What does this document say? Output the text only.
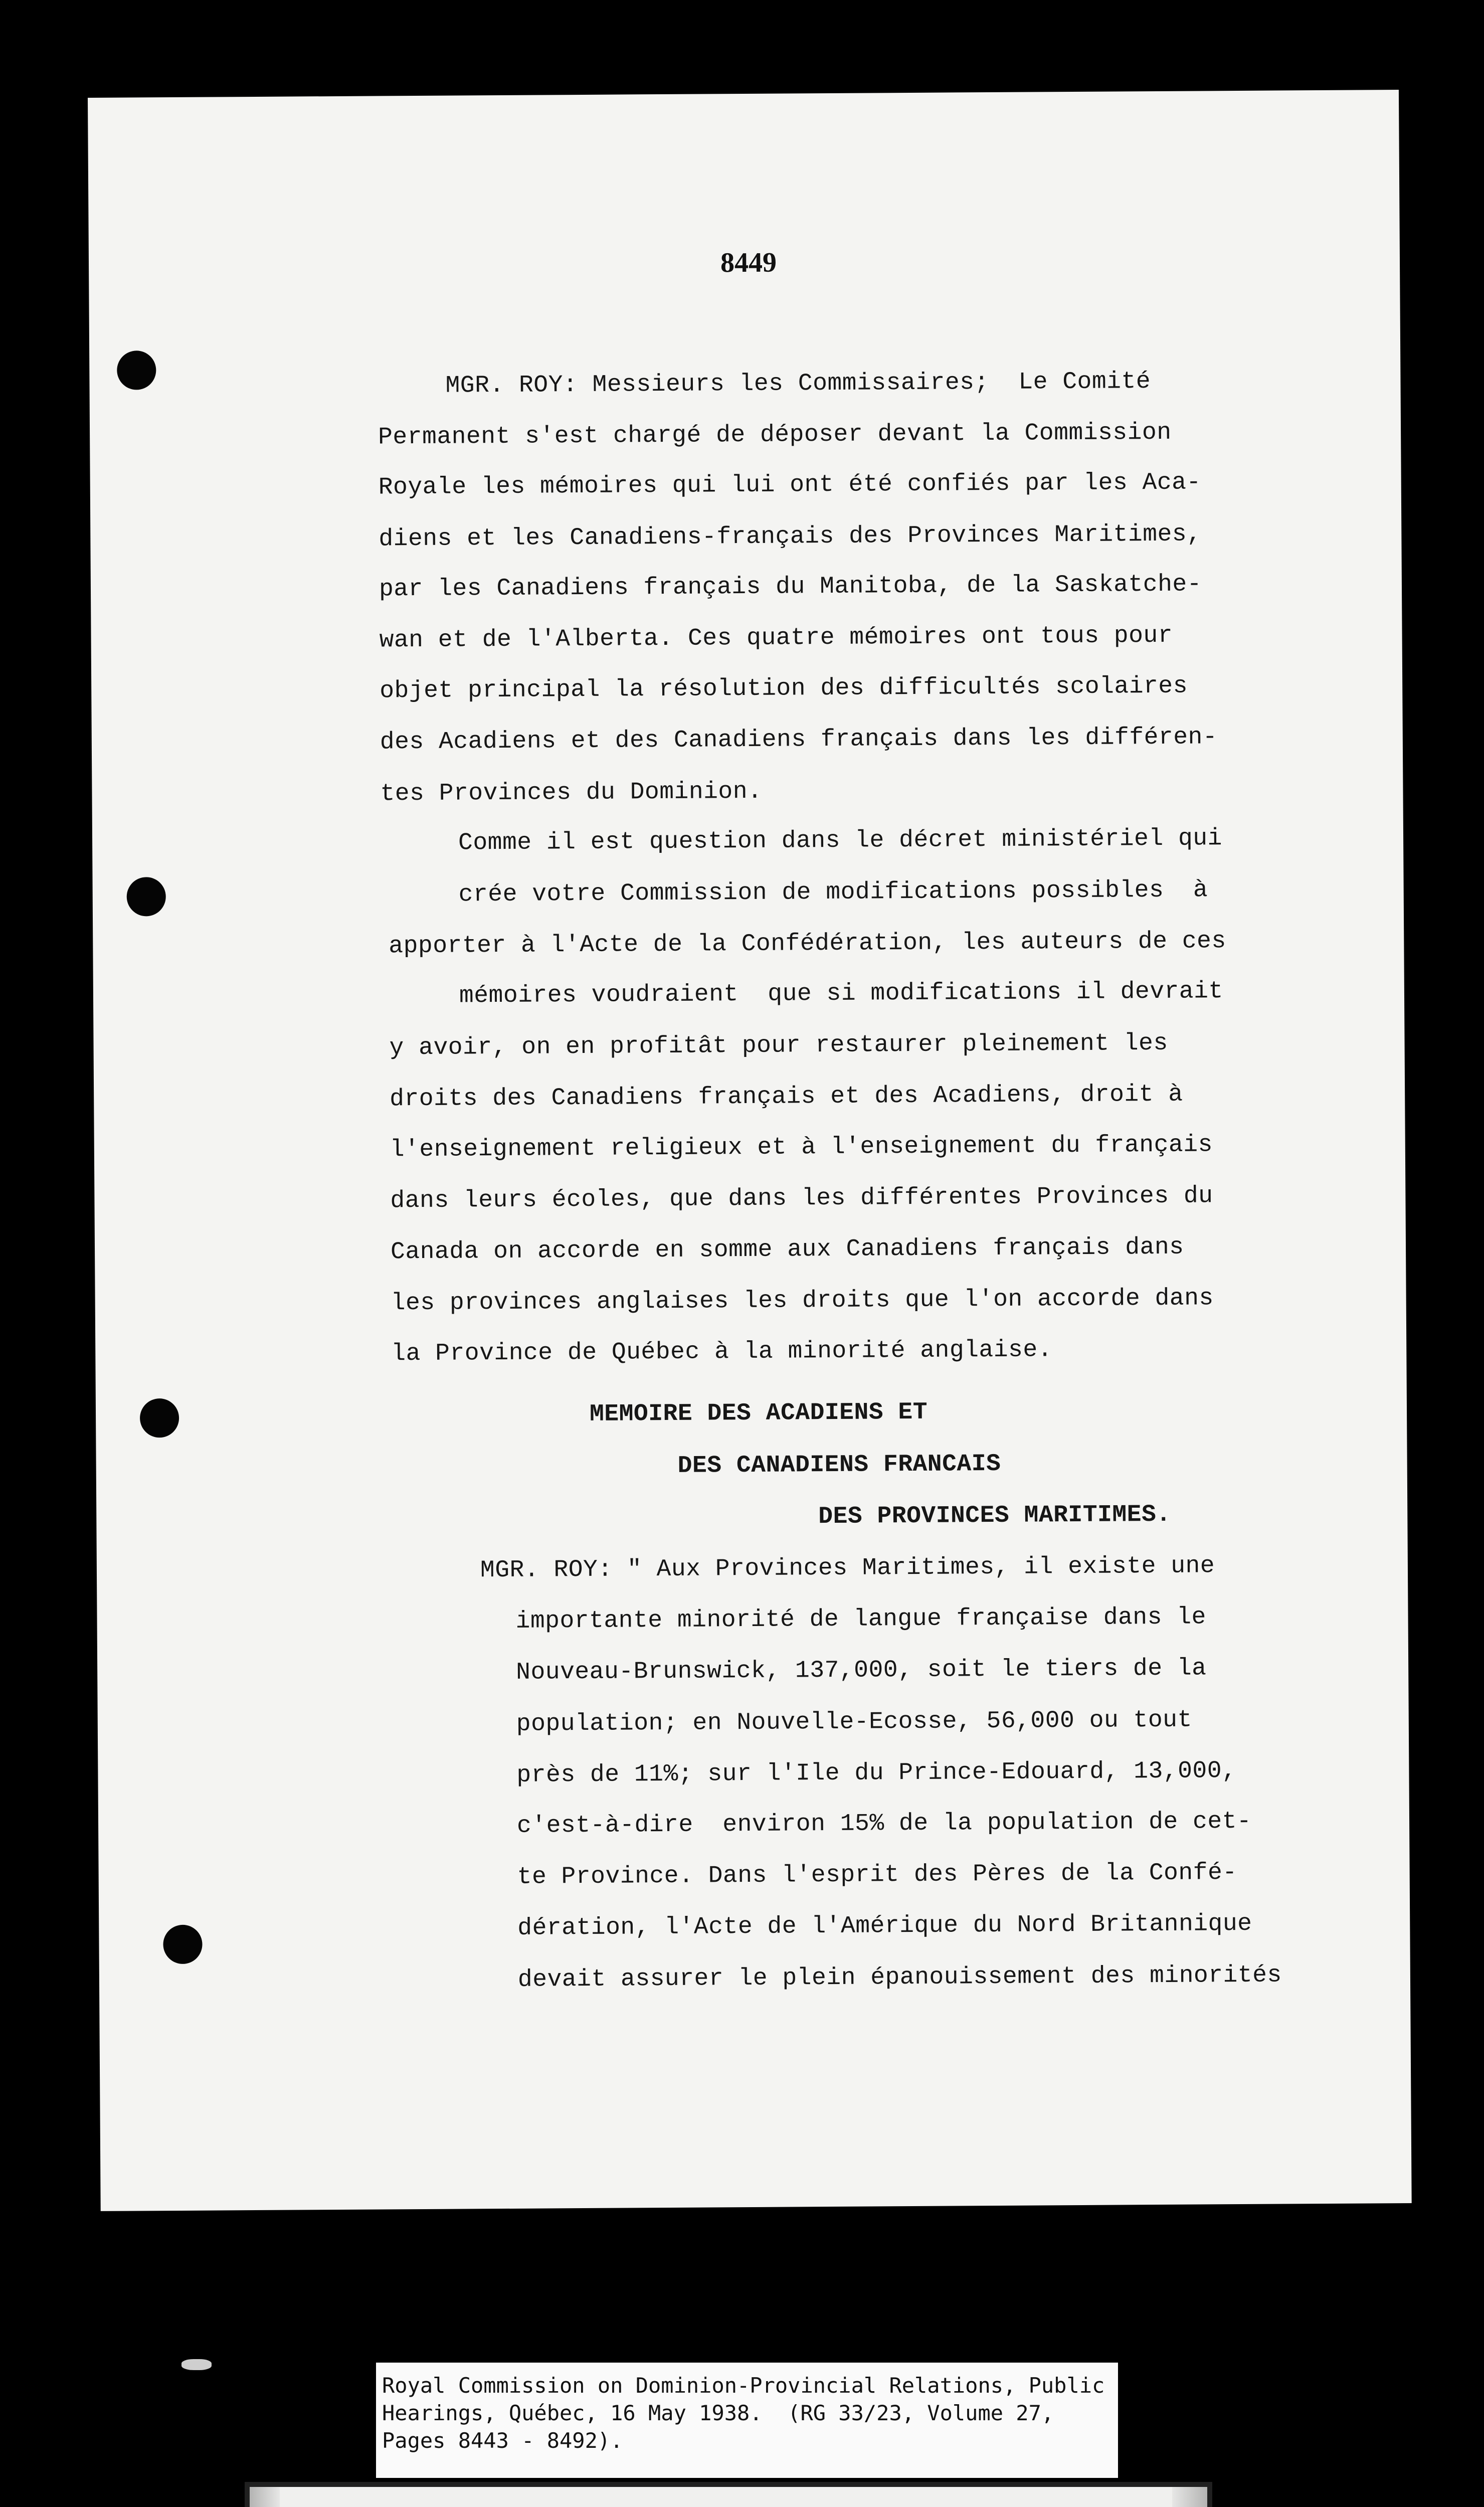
8449
MGR. ROY: Messieurs les Commissaires;  Le Comité
Permanent s'est chargé de déposer devant la Commission
Royale les mémoires qui lui ont été confiés par les Aca-
diens et les Canadiens-français des Provinces Maritimes,
par les Canadiens français du Manitoba, de la Saskatche-
wan et de l'Alberta. Ces quatre mémoires ont tous pour
objet principal la résolution des difficultés scolaires
des Acadiens et des Canadiens français dans les différen-
tes Provinces du Dominion.
Comme il est question dans le décret ministériel qui
crée votre Commission de modifications possibles  à
apporter à l'Acte de la Confédération, les auteurs de ces
mémoires voudraient  que si modifications il devrait
y avoir, on en profitât pour restaurer pleinement les
droits des Canadiens français et des Acadiens, droit à
l'enseignement religieux et à l'enseignement du français
dans leurs écoles, que dans les différentes Provinces du
Canada on accorde en somme aux Canadiens français dans
les provinces anglaises les droits que l'on accorde dans
la Province de Québec à la minorité anglaise.
MEMOIRE DES ACADIENS ET
DES CANADIENS FRANCAIS
DES PROVINCES MARITIMES.
MGR. ROY: " Aux Provinces Maritimes, il existe une
importante minorité de langue française dans le
Nouveau-Brunswick, 137,000, soit le tiers de la
population; en Nouvelle-Ecosse, 56,000 ou tout
près de 11%; sur l'Ile du Prince-Edouard, 13,000,
c'est-à-dire  environ 15% de la population de cet-
te Province. Dans l'esprit des Pères de la Confé-
dération, l'Acte de l'Amérique du Nord Britannique
devait assurer le plein épanouissement des minorités
Royal Commission on Dominion-Provincial Relations, Public
Hearings, Québec, 16 May 1938.  (RG 33/23, Volume 27,
Pages 8443 - 8492).
